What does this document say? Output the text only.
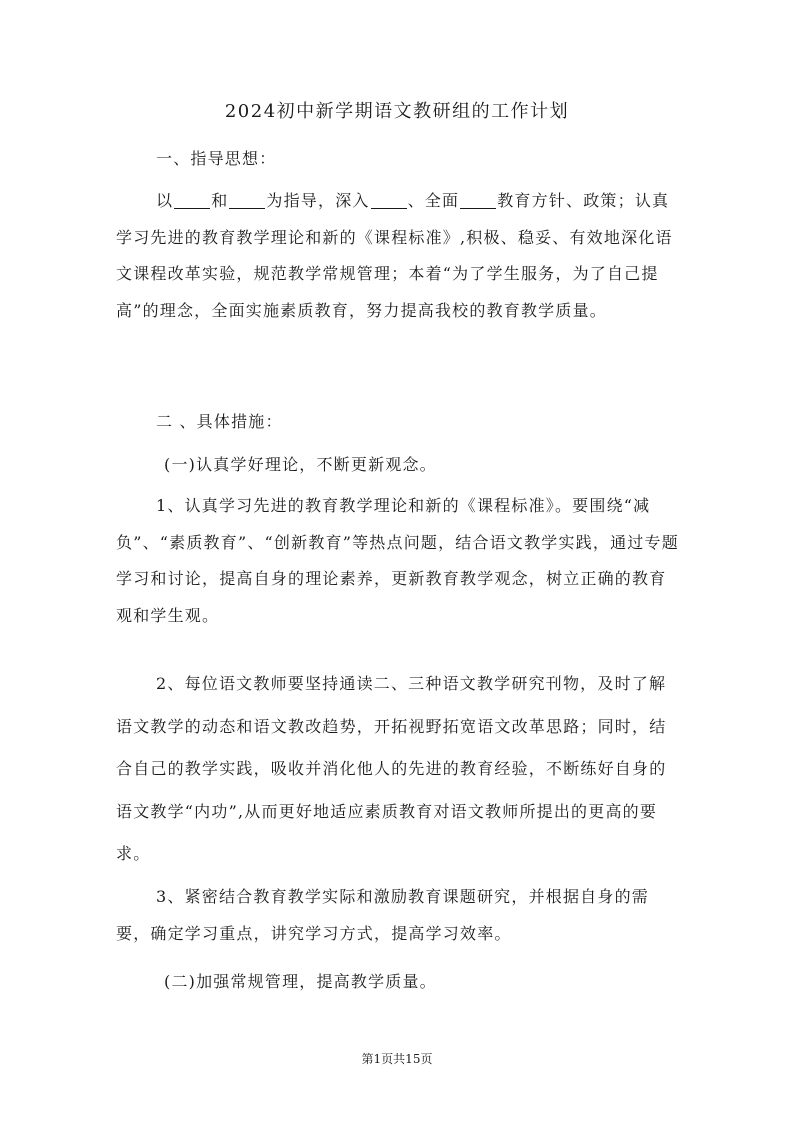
2024初中新学期语文教研组的工作计划
一、指导思想：

以 和 为指导，深入 、全面 教育方针、政策；认真学习先进的教育教学理论和新的《课程标准》,积极、稳妥、有效地深化语文课程改革实验，规范教学常规管理；本着“为了学生服务，为了自己提高”的理念，全面实施素质教育，努力提高我校的教育教学质量。

二 、具体措施：
(一)认真学好理论，不断更新观念。

1、认真学习先进的教育教学理论和新的《课程标准》。要围绕“减负”、“素质教育”、“创新教育”等热点问题，结合语文教学实践，通过专题学习和讨论，提高自身的理论素养，更新教育教学观念，树立正确的教育观和学生观。

2、每位语文教师要坚持通读二、三种语文教学研究刊物，及时了解语文教学的动态和语文教改趋势，开拓视野拓宽语文改革思路；同时，结合自己的教学实践，吸收并消化他人的先进的教育经验，不断练好自身的语文教学“内功”,从而更好地适应素质教育对语文教师所提出的更高的要求。

3、紧密结合教育教学实际和激励教育课题研究，并根据自身的需要，确定学习重点，讲究学习方式，提高学习效率。

(二)加强常规管理，提高教学质量。
第1页共15页
